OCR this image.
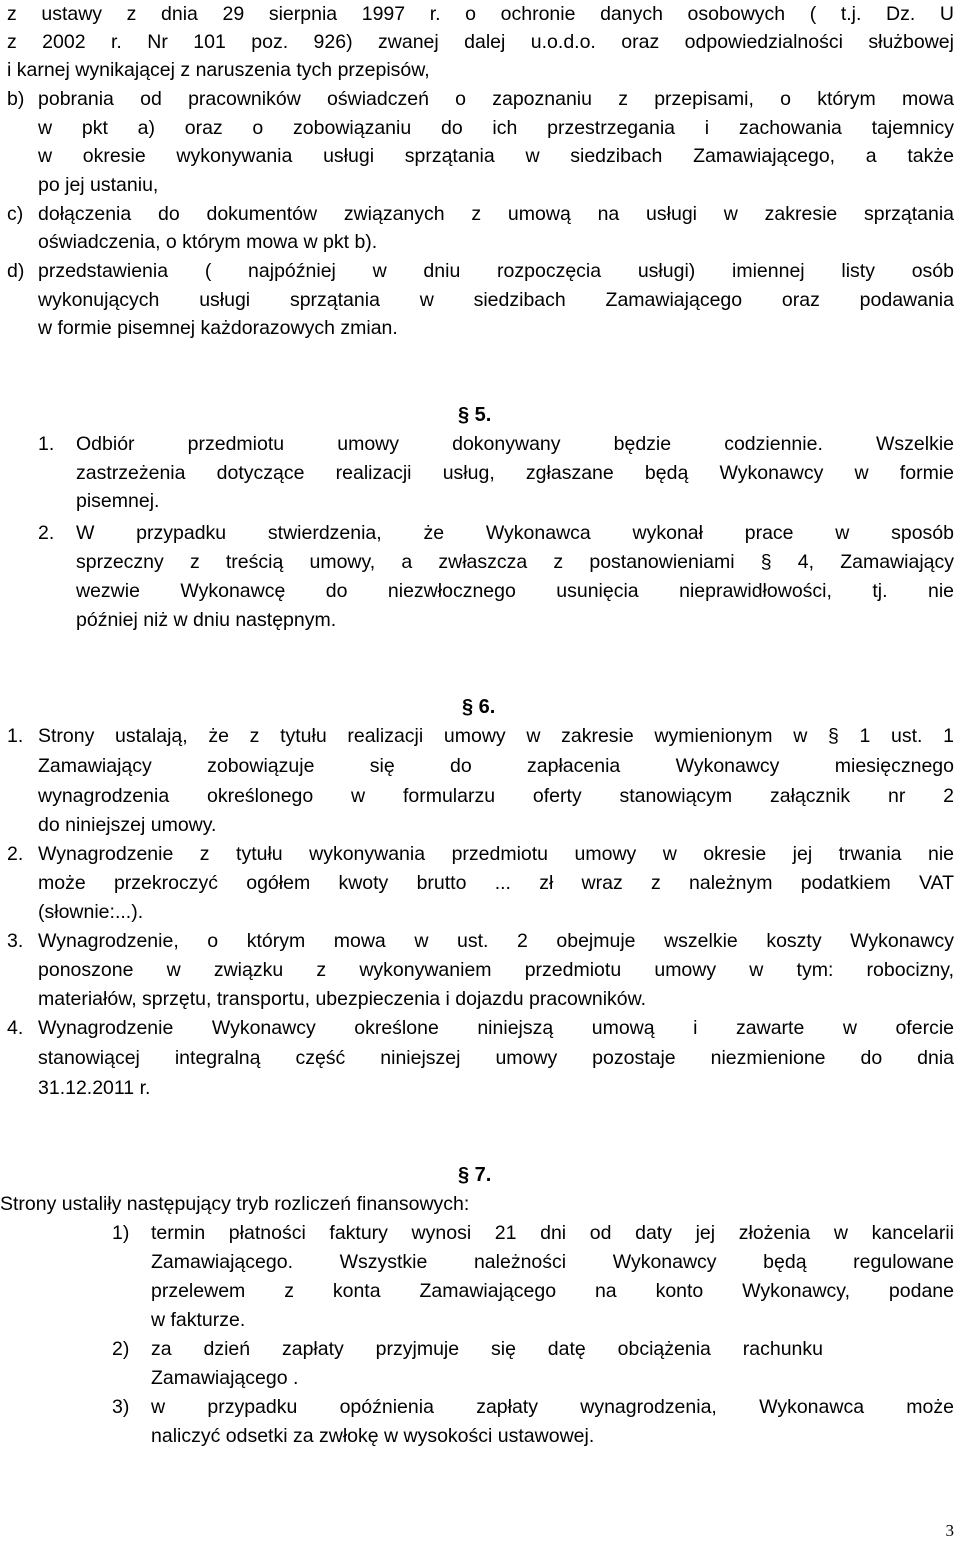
z ustawy z dnia 29 sierpnia 1997 r. o ochronie danych osobowych ( t.j. Dz. U
z 2002 r. Nr 101 poz. 926) zwanej dalej u.o.d.o. oraz odpowiedzialności służbowej
i karnej wynikającej z naruszenia tych przepisów,
b) pobrania od pracowników oświadczeń o zapoznaniu z przepisami, o którym mowa
w pkt a) oraz o zobowiązaniu do ich przestrzegania i zachowania tajemnicy
w okresie wykonywania usługi sprzątania w siedzibach Zamawiającego, a także
po jej ustaniu,
c) dołączenia do dokumentów związanych z umową na usługi w zakresie sprzątania
oświadczenia, o którym mowa w pkt b).
d) przedstawienia ( najpóźniej w dniu rozpoczęcia usługi) imiennej listy osób
wykonujących usługi sprzątania w siedzibach Zamawiającego oraz podawania
w formie pisemnej każdorazowych zmian.
§ 5.
1. Odbiór przedmiotu umowy dokonywany będzie codziennie. Wszelkie
zastrzeżenia dotyczące realizacji usług, zgłaszane będą Wykonawcy w formie
pisemnej.
2. W przypadku stwierdzenia, że Wykonawca wykonał prace w sposób
sprzeczny z treścią umowy, a zwłaszcza z postanowieniami § 4, Zamawiający
wezwie Wykonawcę do niezwłocznego usunięcia nieprawidłowości, tj. nie
później niż w dniu następnym.
§ 6.
1. Strony ustalają, że z tytułu realizacji umowy w zakresie wymienionym w § 1 ust. 1
Zamawiający zobowiązuje się do zapłacenia Wykonawcy miesięcznego
wynagrodzenia określonego w formularzu oferty stanowiącym załącznik nr 2
do niniejszej umowy.
2. Wynagrodzenie z tytułu wykonywania przedmiotu umowy w okresie jej trwania nie
może przekroczyć ogółem kwoty brutto ... zł wraz z należnym podatkiem VAT
(słownie:...).
3. Wynagrodzenie, o którym mowa w ust. 2 obejmuje wszelkie koszty Wykonawcy
ponoszone w związku z wykonywaniem przedmiotu umowy w tym: robocizny,
materiałów, sprzętu, transportu, ubezpieczenia i dojazdu pracowników.
4. Wynagrodzenie Wykonawcy określone niniejszą umową i zawarte w ofercie
stanowiącej integralną część niniejszej umowy pozostaje niezmienione do dnia
31.12.2011 r.
§ 7.
Strony ustaliły następujący tryb rozliczeń finansowych:
1) termin płatności faktury wynosi 21 dni od daty jej złożenia w kancelarii
Zamawiającego. Wszystkie należności Wykonawcy będą regulowane
przelewem z konta Zamawiającego na konto Wykonawcy, podane
w fakturze.
2) za dzień zapłaty przyjmuje się datę obciążenia rachunku
Zamawiającego .
3) w przypadku opóźnienia zapłaty wynagrodzenia, Wykonawca może
naliczyć odsetki za zwłokę w wysokości ustawowej.
3
